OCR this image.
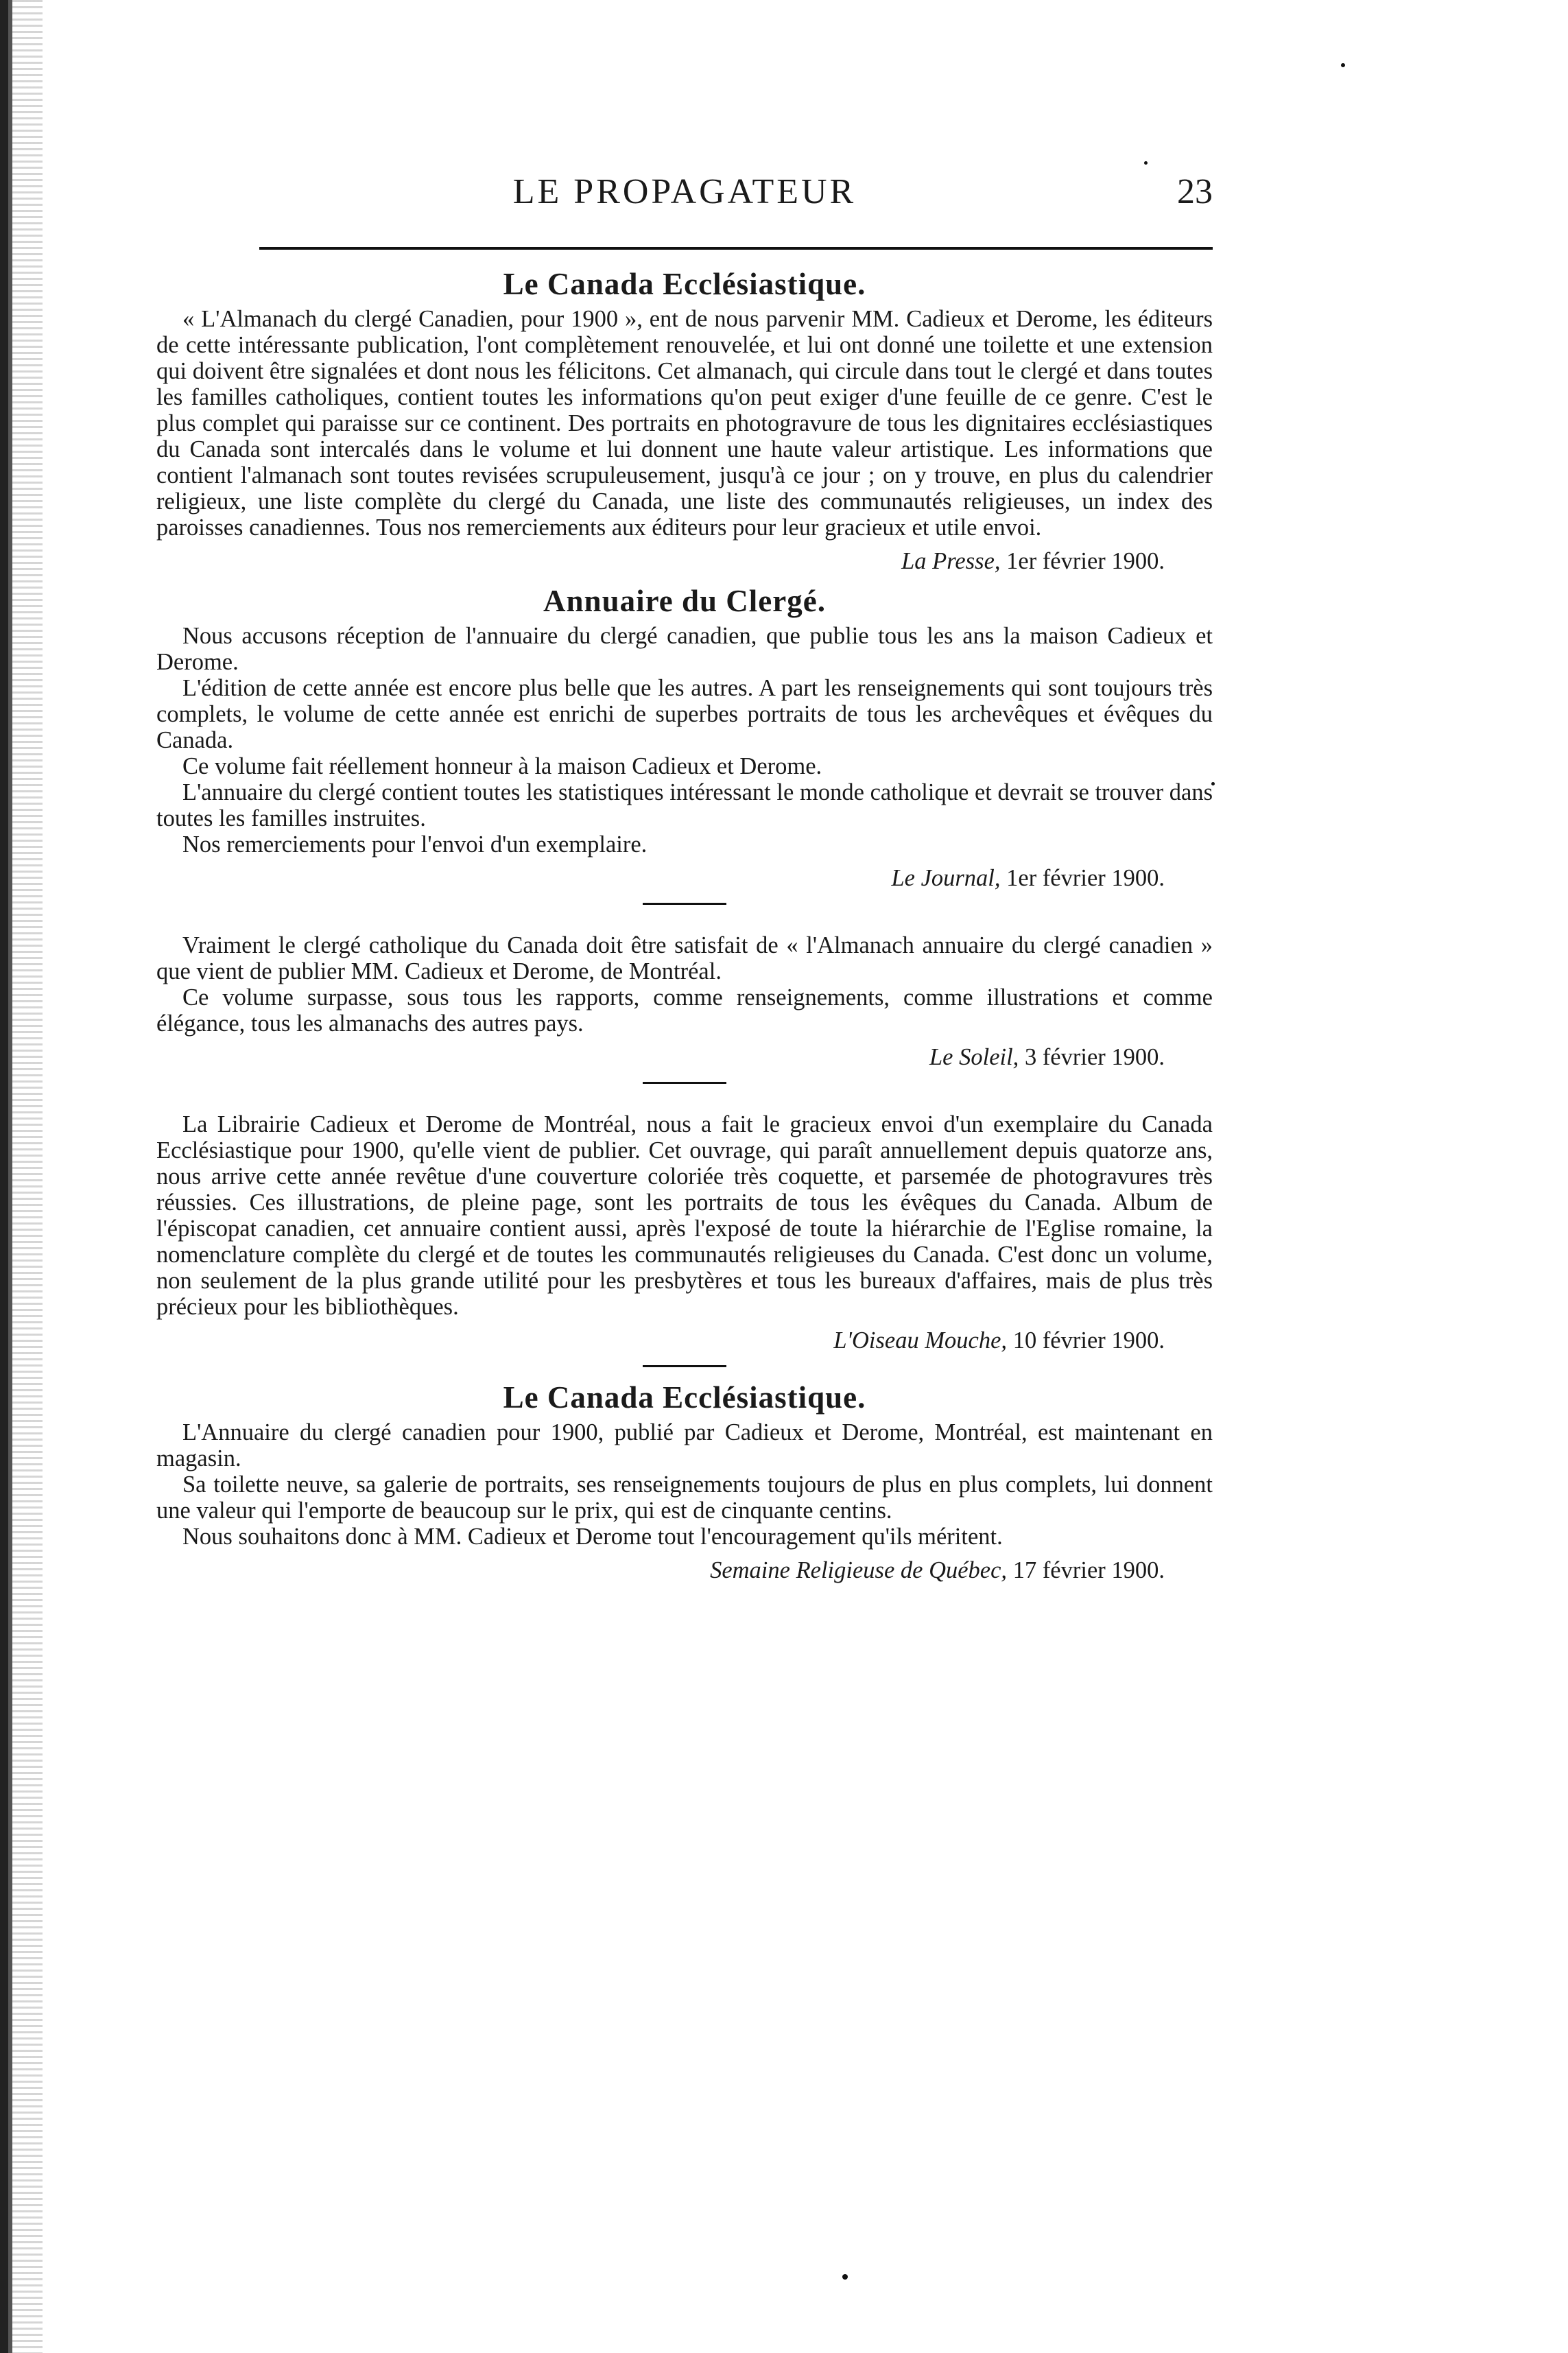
LE PROPAGATEUR	23
Le Canada Ecclésiastique.

« L'Almanach du clergé Canadien, pour 1900 », ent de nous parvenir MM. Cadieux et Derome, les éditeurs de cette intéressante publication, l'ont complètement renouvelée, et lui ont donné une toilette et une extension qui doivent être signalées et dont nous les félicitons. Cet almanach, qui circule dans tout le clergé et dans toutes les familles catholiques, contient toutes les informations qu'on peut exiger d'une feuille de ce genre. C'est le plus complet qui paraisse sur ce continent. Des portraits en photogravure de tous les dignitaires ecclésiastiques du Canada sont intercalés dans le volume et lui donnent une haute valeur artistique. Les informations que contient l'almanach sont toutes revisées scrupuleusement, jusqu'à ce jour ; on y trouve, en plus du calendrier religieux, une liste complète du clergé du Canada, une liste des communautés religieuses, un index des paroisses canadiennes. Tous nos remerciements aux éditeurs pour leur gracieux et utile envoi.

La Presse, 1er février 1900.
Annuaire du Clergé.

Nous accusons réception de l'annuaire du clergé canadien, que publie tous les ans la maison Cadieux et Derome.

L'édition de cette année est encore plus belle que les autres. A part les renseignements qui sont toujours très complets, le volume de cette année est enrichi de superbes portraits de tous les archevêques et évêques du Canada.

Ce volume fait réellement honneur à la maison Cadieux et Derome.

L'annuaire du clergé contient toutes les statistiques intéressant le monde catholique et devrait se trouver dans toutes les familles instruites.

Nos remerciements pour l'envoi d'un exemplaire.

Le Journal, 1er février 1900.

Vraiment le clergé catholique du Canada doit être satisfait de « l'Almanach annuaire du clergé canadien » que vient de publier MM. Cadieux et Derome, de Montréal.

Ce volume surpasse, sous tous les rapports, comme renseignements, comme illustrations et comme élégance, tous les almanachs des autres pays.

Le Soleil, 3 février 1900.

La Librairie Cadieux et Derome de Montréal, nous a fait le gracieux envoi d'un exemplaire du Canada Ecclésiastique pour 1900, qu'elle vient de publier. Cet ouvrage, qui paraît annuellement depuis quatorze ans, nous arrive cette année revêtue d'une couverture coloriée très coquette, et parsemée de photogravures très réussies. Ces illustrations, de pleine page, sont les portraits de tous les évêques du Canada. Album de l'épiscopat canadien, cet annuaire contient aussi, après l'exposé de toute la hiérarchie de l'Eglise romaine, la nomenclature complète du clergé et de toutes les communautés religieuses du Canada. C'est donc un volume, non seulement de la plus grande utilité pour les presbytères et tous les bureaux d'affaires, mais de plus très précieux pour les bibliothèques.

L'Oiseau Mouche, 10 février 1900.
Le Canada Ecclésiastique.

L'Annuaire du clergé canadien pour 1900, publié par Cadieux et Derome, Montréal, est maintenant en magasin.

Sa toilette neuve, sa galerie de portraits, ses renseignements toujours de plus en plus complets, lui donnent une valeur qui l'emporte de beaucoup sur le prix, qui est de cinquante centins.

Nous souhaitons donc à MM. Cadieux et Derome tout l'encouragement qu'ils méritent.

Semaine Religieuse de Québec, 17 février 1900.
